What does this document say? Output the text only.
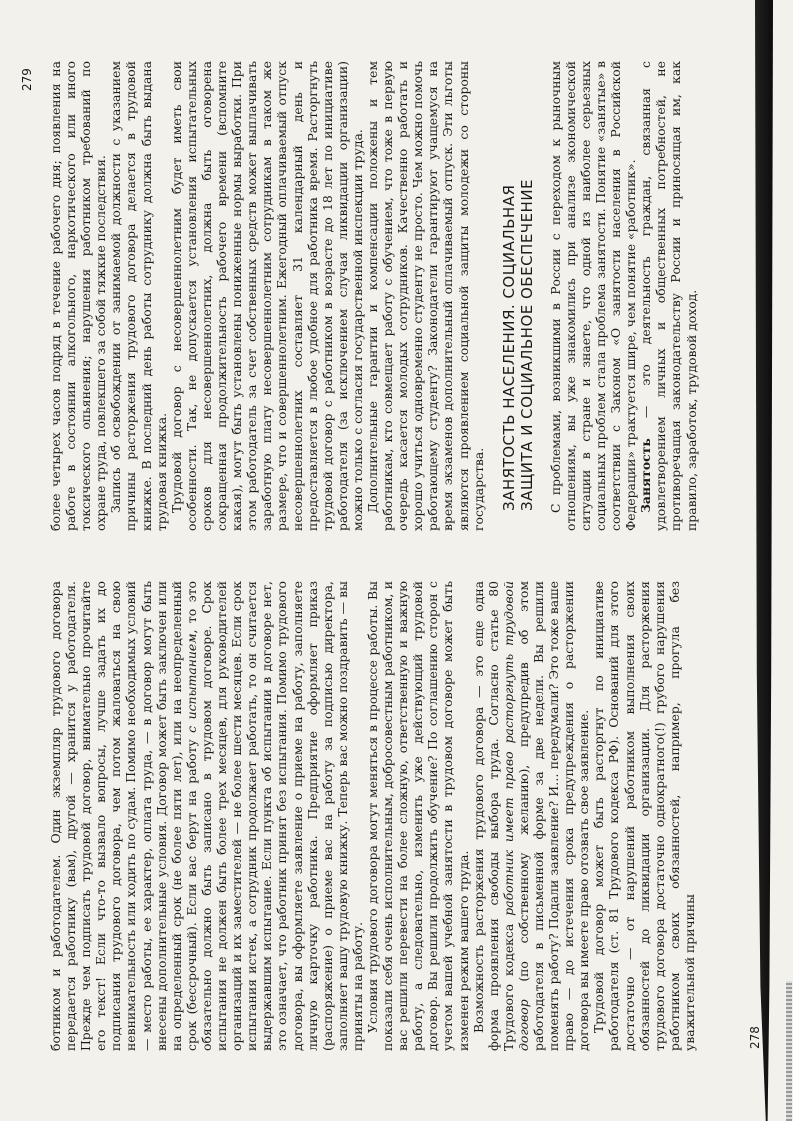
ботником и работодателем. Один экземпляр трудового договора передается работнику (вам), другой — хранится у работодателя. Прежде чем подписать трудовой договор, внимательно прочитайте его текст! Если что-то вызвало вопросы, лучше задать их до подписания трудового договора, чем потом жаловаться на свою невнимательность или ходить по судам. Помимо необходимых условий — место работы, ее характер, оплата труда, — в договор могут быть внесены дополнительные условия. Договор может быть заключен или на определенный срок (не более пяти лет), или на неопределенный срок (бессрочный). Если вас берут на работу с испытанием, то это обязательно должно быть записано в трудовом договоре. Срок испытания не должен быть более трех месяцев, для руководителей организаций и их заместителей — не более шести месяцев. Если срок испытания истек, а сотрудник продолжает работать, то он считается выдержавшим испытание. Если пункта об испытании в договоре нет, это означает, что работник принят без испытания. Помимо трудового договора, вы оформляете заявление о приеме на работу, заполняете личную карточку работника. Предприятие оформляет приказ (распоряжение) о приеме вас на работу за подписью директора, заполняет вашу трудовую книжку. Теперь вас можно поздравить — вы приняты на работу. Условия трудового договора могут меняться в процессе работы. Вы показали себя очень исполнительным, добросовестным работником, и вас решили перевести на более сложную, ответственную и важную работу, а следовательно, изменить уже действующий трудовой договор. Вы решили продолжить обучение? По соглашению сторон с учетом вашей учебной занятости в трудовом договоре может быть изменен режим вашего труда. Возможность расторжения трудового договора — это еще одна форма проявления свободы выбора труда. Согласно статье 80 Трудового кодекса работник имеет право расторгнуть трудовой договор (по собственному желанию), предупредив об этом работодателя в письменной форме за две недели. Вы решили поменять работу? Подали заявление? И… передумали? Это тоже ваше право — до истечения срока предупреждения о расторжении договора вы имеете право отозвать свое заявление. Трудовой договор может быть расторгнут по инициативе работодателя (ст. 81 Трудового кодекса РФ). Оснований для этого достаточно — от нарушений работником выполнения своих обязанностей до ликвидации организации. Для расторжения трудового договора достаточно однократного(!) грубого нарушения работником своих обязанностей, например, прогула без уважительной причины	278

более четырех часов подряд в течение рабочего дня; появления на работе в состоянии алкогольного, наркотического или иного токсического опьянения; нарушения работником требований по охране труда, повлекшего за собой тяжкие последствия. Запись об освобождении от занимаемой должности с указанием причины расторжения трудового договора делается в трудовой книжке. В последний день работы сотруднику должна быть выдана трудовая книжка. Трудовой договор с несовершеннолетним будет иметь свои особенности. Так, не допускается установления испытательных сроков для несовершеннолетних, должна быть оговорена сокращенная продолжительность рабочего времени (вспомните какая), могут быть установлены пониженные нормы выработки. При этом работодатель за счет собственных средств может выплачивать заработную плату несовершеннолетним сотрудникам в таком же размере, что и совершеннолетним. Ежегодный оплачиваемый отпуск несовершеннолетних составляет 31 календарный день и предоставляется в любое удобное для работника время. Расторгнуть трудовой договор с работником в возрасте до 18 лет по инициативе работодателя (за исключением случая ликвидации организации) можно только с согласия государственной инспекции труда. Дополнительные гарантии и компенсации положены и тем работникам, кто совмещает работу с обучением, что тоже в первую очередь касается молодых сотрудников. Качественно работать и хорошо учиться одновременно студенту не просто. Чем можно помочь работающему студенту? Законодатели гарантируют учащемуся на время экзаменов дополнительный оплачиваемый отпуск. Эти льготы являются проявлением социальной защиты молодежи со стороны государства. ЗАНЯТОСТЬ НАСЕЛЕНИЯ. СОЦИАЛЬНАЯ ЗАЩИТА И СОЦИАЛЬНОЕ ОБЕСПЕЧЕНИЕ С проблемами, возникшими в России с переходом к рыночным отношениям, вы уже знакомились при анализе экономической ситуации в стране и знаете, что одной из наиболее серьезных социальных проблем стала проблема занятости. Понятие «занятые» в соответствии с Законом «О занятости населения в Российской Федерации» трактуется шире, чем понятие «работник». Занятость — это деятельность граждан, связанная с удовлетворением личных и общественных потребностей, не противоречащая законодательству России и приносящая им, как правило, заработок, трудовой доход.

279
